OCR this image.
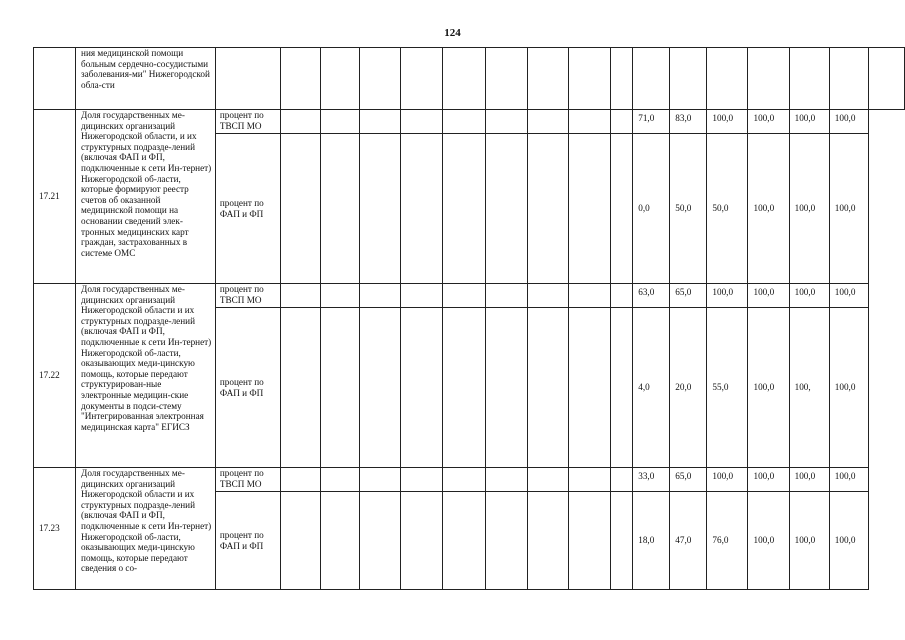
124
	ния медицинской помощи больным сердечно-сосудистыми заболевания-ми" Нижегородской обла-сти																	
17.21	Доля государственных ме-дицинских организаций Нижегородской области, и их структурных подразде-лений (включая ФАП и ФП, подключенные к сети Ин-тернет) Нижегородской об-ласти, которые формируют реестр счетов об оказанной медицинской помощи на основании сведений элек-тронных медицинских карт граждан, застрахованных в системе ОМС	процент по ТВСП МО										71,0	83,0	100,0	100,0	100,0	100,0	
		процент по ФАП и ФП										0,0	50,0	50,0	100,0	100,0	100,0	
17.22	Доля государственных ме-дицинских организаций Нижегородской области и их структурных подразде-лений (включая ФАП и ФП, подключенные к сети Ин-тернет) Нижегородской об-ласти, оказывающих меди-цинскую помощь, которые передают структурирован-ные электронные медицин-ские документы в подси-стему "Интегрированная электронная медицинская карта" ЕГИСЗ	процент по ТВСП МО										63,0	65,0	100,0	100,0	100,0	100,0	
		процент по ФАП и ФП										4,0	20,0	55,0	100,0	100,	100,0	
17.23	Доля государственных ме-дицинских организаций Нижегородской области и их структурных подразде-лений (включая ФАП и ФП, подключенные к сети Ин-тернет) Нижегородской об-ласти, оказывающих меди-цинскую помощь, которые передают сведения о со-	процент по ТВСП МО										33,0	65,0	100,0	100,0	100,0	100,0	
		процент по ФАП и ФП										18,0	47,0	76,0	100,0	100,0	100,0	
